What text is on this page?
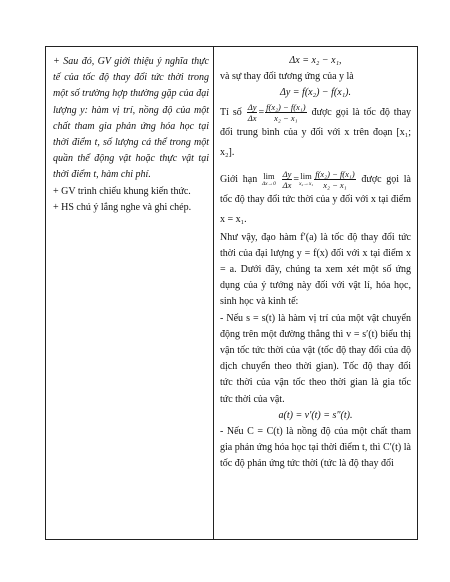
+ Sau đó, GV giới thiệu ý nghĩa thực tế của tốc độ thay đổi tức thời trong một số trường hợp thường gặp của đại lượng y: hàm vị trí, nồng độ của một chất tham gia phản ứng hóa học tại thời điểm t, số lượng cá thể trong một quần thể động vật hoặc thực vật tại thời điểm t, hàm chi phí.

+ GV trình chiếu khung kiến thức.

+ HS chú ý lắng nghe và ghi chép.

Δx = x₂ − x₁,

và sự thay đối tương ứng của y là

Δy = f(x₂) − f(x₁).

Tỉ số $\frac{\Delta y}{\Delta x} = \frac{\text{f(x₂) − f(x₁)}}{\text{x₂ − x₁}}$ được gọi là tốc độ thay đổi trung bình của y đối với x trên đoạn [x₁; x₂].

Giới hạn lim
Δx→0
$\frac{\Delta y}{\Delta x} =\lim$
$x_2\to x_1 \frac{\text{f(x₂) − f(x₁)}}{\text{x₂ − x₁}}$ được gọi là tốc độ thay đổi tức thời của y đối với x tại điểm x = x₁.

Như vậy, đạo hàm f′(a) là tốc độ thay đổi tức thời của đại lượng y = f(x) đối với x tại điểm x = a. Dưới đây, chúng ta xem xét một số ứng dụng của ý tưởng này đối với vật lí, hóa học, sinh học và kinh tế:

- Nếu s = s(t) là hàm vị trí của một vật chuyển động trên một đường thẳng thì v = s′(t) biểu thị vận tốc tức thời của vật (tốc độ thay đổi của độ dịch chuyển theo thời gian). Tốc độ thay đổi tức thời của vận tốc theo thời gian là gia tốc tức thời của vật.

a(t) = v′(t) = s″(t).

- Nếu C = C(t) là nồng độ của một chất tham gia phản ứng hóa học tại thời điểm t, thì C′(t) là tốc độ phản ứng tức thời (tức là độ thay đổi
